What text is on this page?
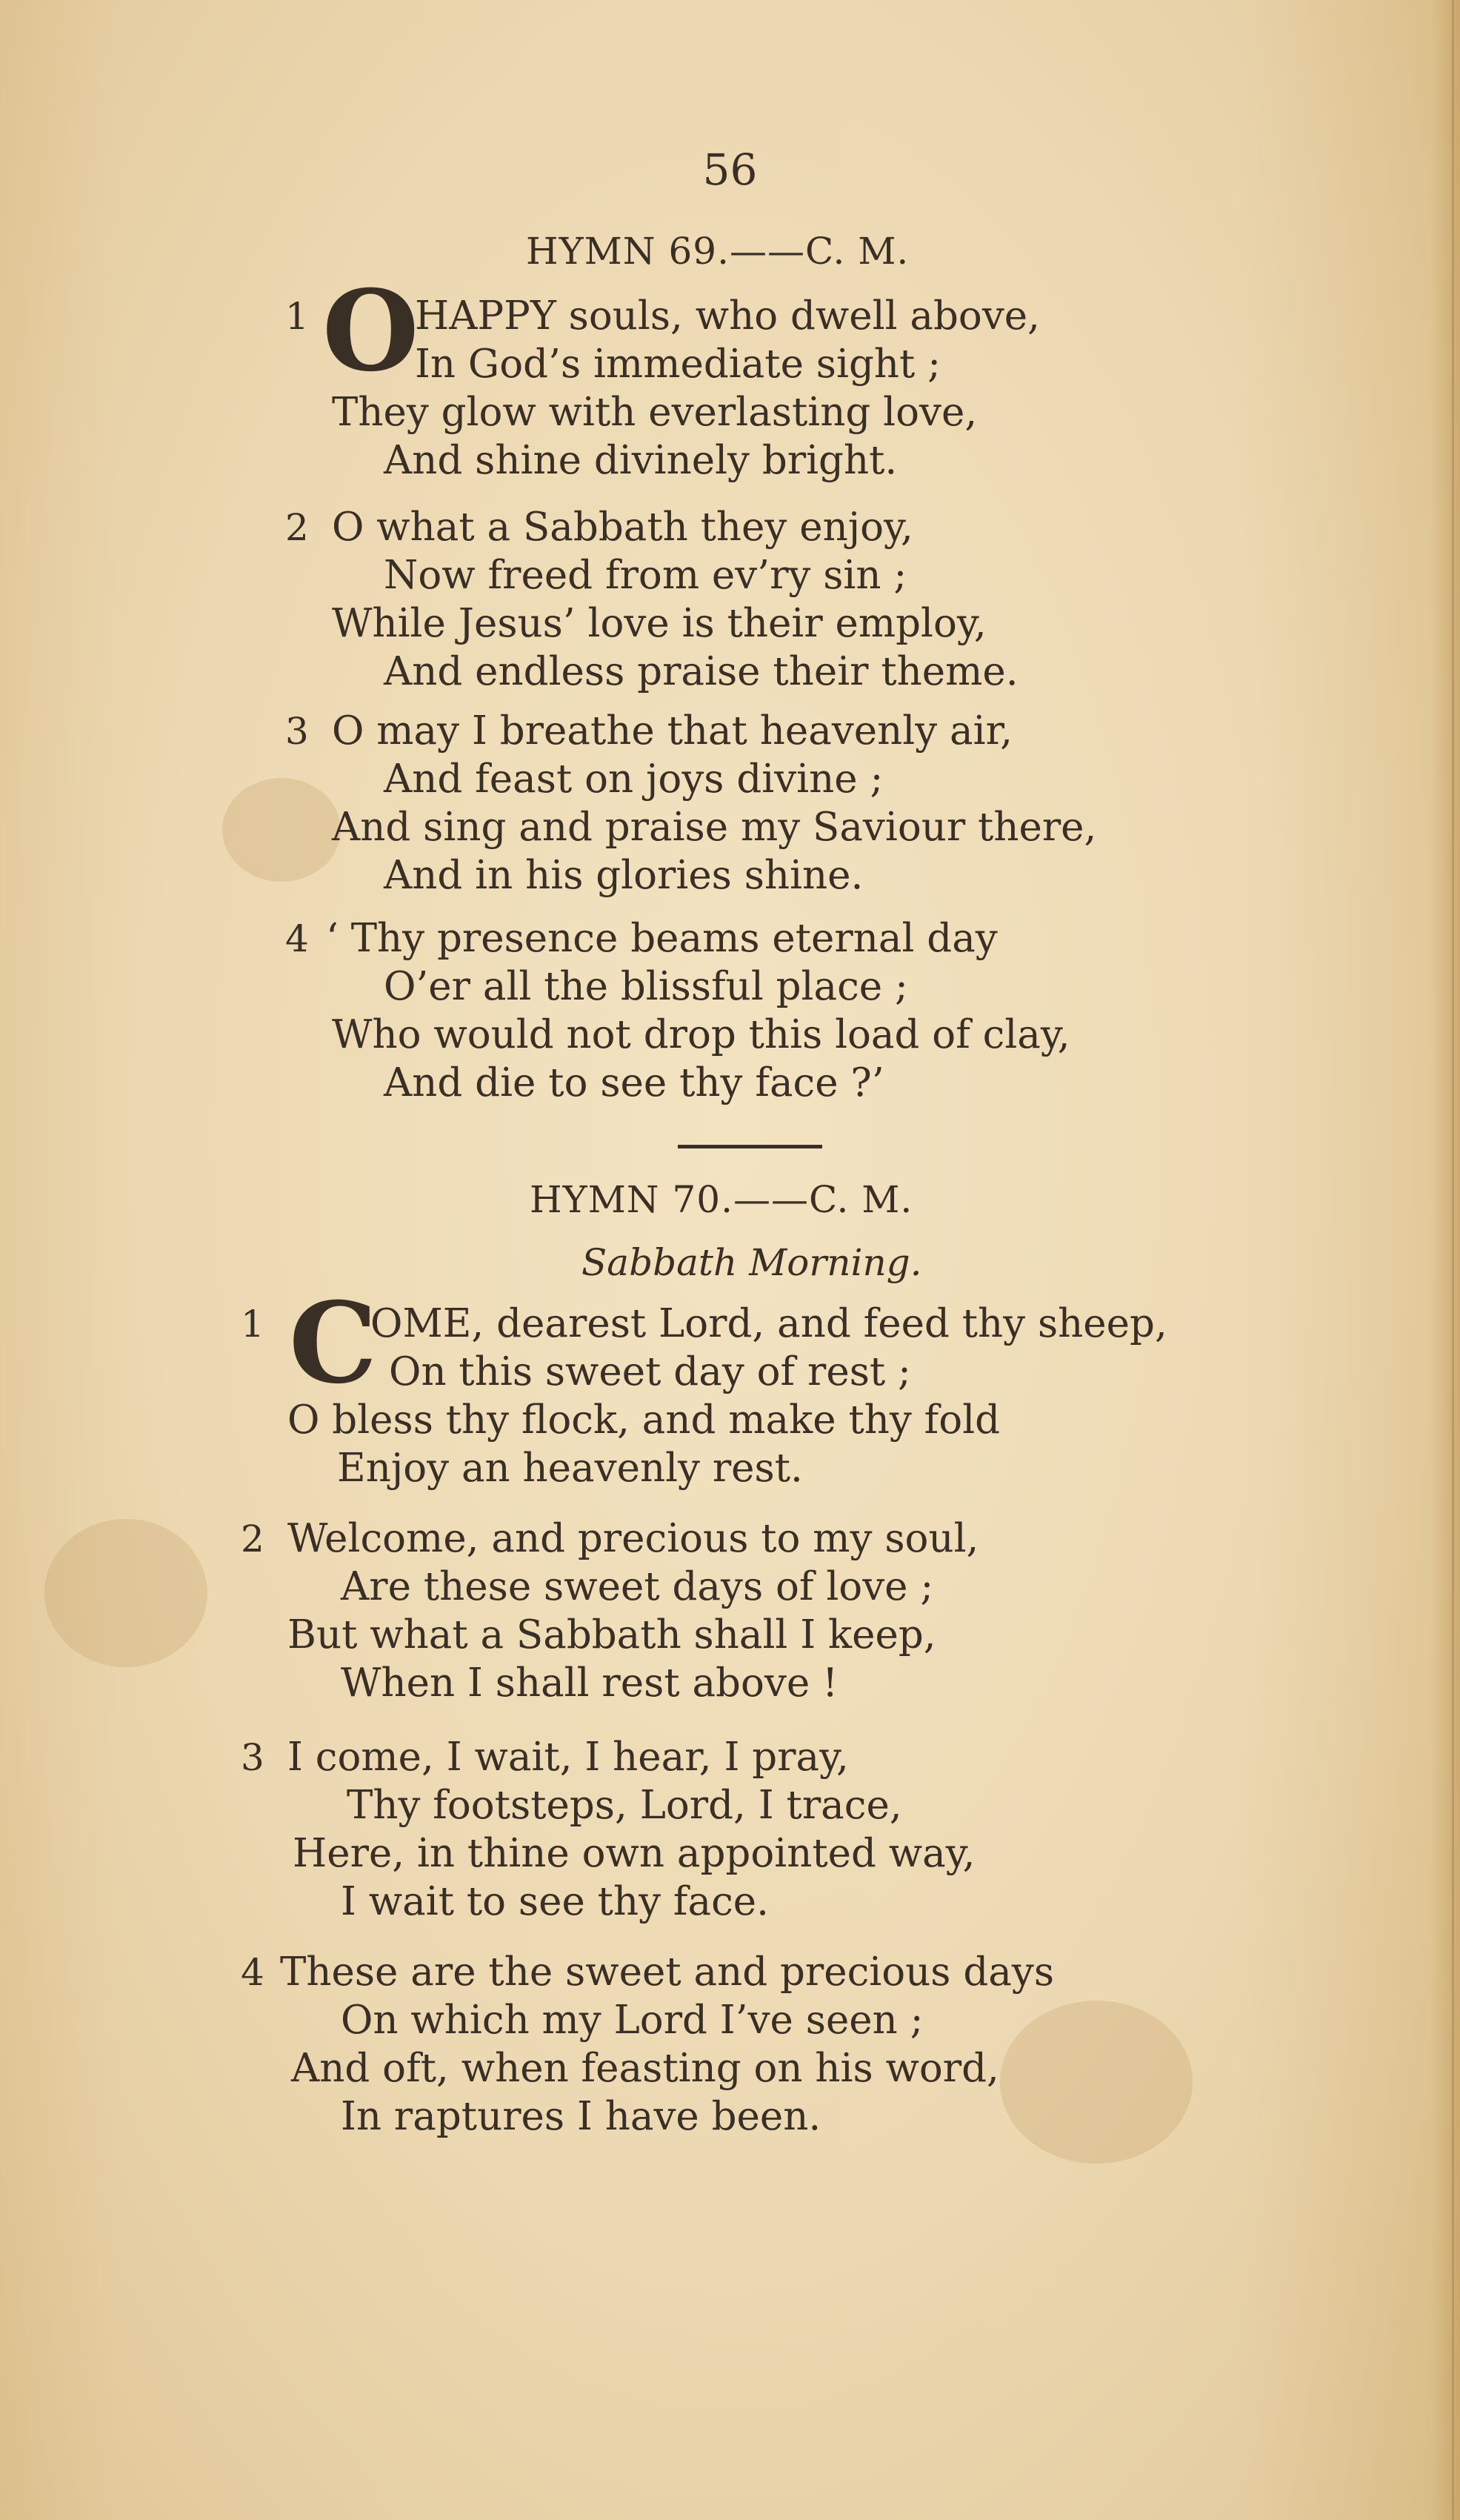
56
HYMN 69.——C. M.
1 O
HAPPY souls, who dwell above,
In God’s immediate sight ;
They glow with everlasting love,
And shine divinely bright.
2 O what a Sabbath they enjoy,
Now freed from ev’ry sin ;
While Jesus’ love is their employ,
And endless praise their theme.
3 O may I breathe that heavenly air,
And feast on joys divine ;
And sing and praise my Saviour there,
And in his glories shine.
4 ‘ Thy presence beams eternal day
O’er all the blissful place ;
Who would not drop this load of clay,
And die to see thy face ?’
HYMN 70.——C. M.
Sabbath Morning.
1 C
OME, dearest Lord, and feed thy sheep,
On this sweet day of rest ;
O bless thy flock, and make thy fold
Enjoy an heavenly rest.
2 Welcome, and precious to my soul,
Are these sweet days of love ;
But what a Sabbath shall I keep,
When I shall rest above !
3 I come, I wait, I hear, I pray,
Thy footsteps, Lord, I trace,
Here, in thine own appointed way,
I wait to see thy face.
4 These are the sweet and precious days
On which my Lord I’ve seen ;
And oft, when feasting on his word,
In raptures I have been.
